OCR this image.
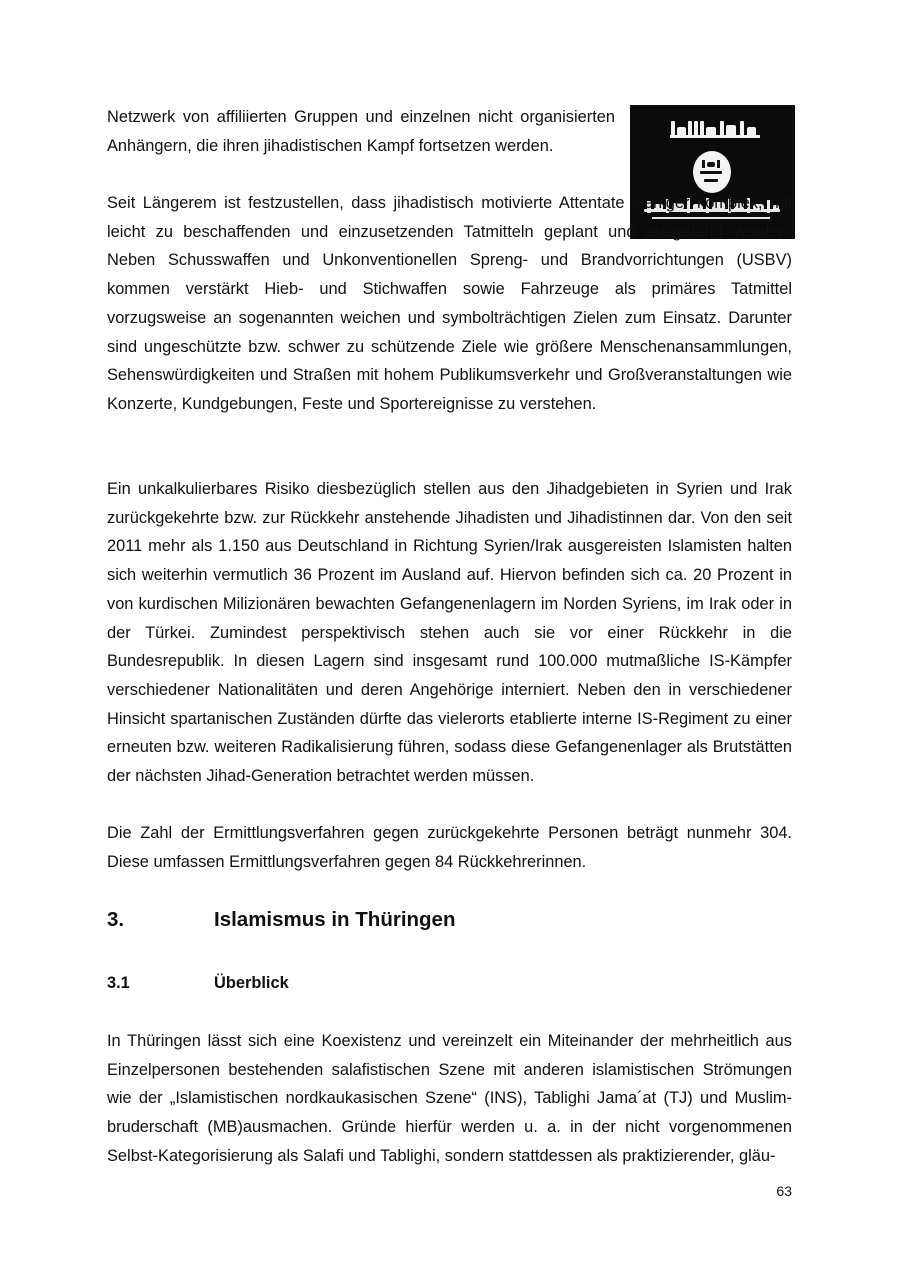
Netzwerk von affiliierten Gruppen und einzelnen nicht organisierten Anhängern, die ihren jihadistischen Kampf fortsetzen werden.

Seit Längerem ist festzustellen, dass jihadistisch motivierte Attentate weniger komplex, mit leicht zu beschaffenden und einzusetzenden Tatmitteln geplant und ausgeführt werden. Neben Schusswaffen und Unkonventionellen Spreng- und Brandvorrichtungen (USBV) kommen verstärkt Hieb- und Stichwaffen sowie Fahrzeuge als primäres Tatmittel vorzugsweise an sogenannten weichen und symbolträchtigen Zielen zum Einsatz. Darunter sind ungeschützte bzw. schwer zu schützende Ziele wie größere Menschenansammlungen, Sehenswürdigkeiten und Straßen mit hohem Publikumsverkehr und Großveranstaltungen wie Konzerte, Kundgebungen, Feste und Sportereignisse zu verstehen.

Ein unkalkulierbares Risiko diesbezüglich stellen aus den Jihadgebieten in Syrien und Irak zurückgekehrte bzw. zur Rückkehr anstehende Jihadisten und Jihadistinnen dar. Von den seit 2011 mehr als 1.150 aus Deutschland in Richtung Syrien/Irak ausgereisten Islamisten halten sich weiterhin vermutlich 36 Prozent im Ausland auf. Hiervon befinden sich ca. 20 Prozent in von kurdischen Milizionären bewachten Gefangenenlagern im Norden Syriens, im Irak oder in der Türkei. Zumindest perspektivisch stehen auch sie vor einer Rückkehr in die Bundesrepublik. In diesen Lagern sind insgesamt rund 100.000 mutmaßliche IS-Kämpfer verschiedener Nationalitäten und deren Angehörige interniert. Neben den in verschiedener Hinsicht spartanischen Zuständen dürfte das vielerorts etablierte interne IS-Regiment zu einer erneuten bzw. weiteren Radikalisierung führen, sodass diese Gefangenenlager als Brutstätten der nächsten Jihad-Generation betrachtet werden müssen.

Die Zahl der Ermittlungsverfahren gegen zurückgekehrte Personen beträgt nunmehr 304. Diese umfassen Ermittlungsverfahren gegen 84 Rückkehrerinnen.

3.	Islamismus in Thüringen
3.1	Überblick

In Thüringen lässt sich eine Koexistenz und vereinzelt ein Miteinander der mehrheitlich aus Einzelpersonen bestehenden salafistischen Szene mit anderen islamistischen Strömungen wie der „Islamistischen nordkaukasischen Szene“ (INS), Tablighi Jama´at (TJ) und Muslimbruderschaft (MB)ausmachen. Gründe hierfür werden u. a. in der nicht vorgenommenen Selbst-Kategorisierung als Salafi und Tablighi, sondern stattdessen als praktizierender, gläu-

63
